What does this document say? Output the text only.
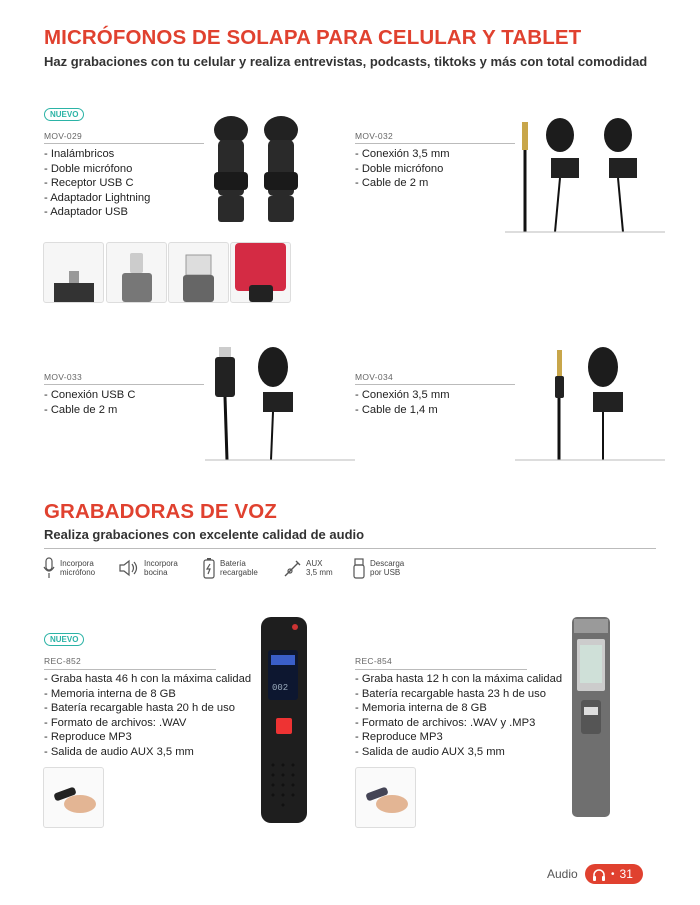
MICRÓFONOS DE SOLAPA PARA CELULAR Y TABLET
Haz grabaciones con tu celular y realiza entrevistas, podcasts, tiktoks y más con total comodidad
NUEVO
MOV-029
- Inalámbricos
- Doble micrófono
- Receptor USB C
- Adaptador Lightning
- Adaptador USB
MOV-032
- Conexión 3,5 mm
- Doble micrófono
- Cable de 2 m
MOV-033
- Conexión USB C
- Cable de 2 m
MOV-034
- Conexión 3,5 mm
- Cable de 1,4 m
GRABADORAS DE VOZ
Realiza grabaciones con excelente calidad de audio
Incorpora
micrófono
Incorpora
bocina
Batería
recargable
AUX
3,5 mm
Descarga
por USB
NUEVO
REC-852
- Graba hasta 46 h con la máxima calidad
- Memoria interna de 8 GB
- Batería recargable hasta 20 h de uso
- Formato de archivos: .WAV
- Reproduce MP3
- Salida de audio AUX 3,5 mm
002
REC-854
- Graba hasta 12 h con la máxima calidad
- Batería recargable hasta 23 h de uso
- Memoria interna de 8 GB
- Formato de archivos: .WAV y .MP3
- Reproduce MP3
- Salida de audio AUX 3,5 mm
Audio	• 31
